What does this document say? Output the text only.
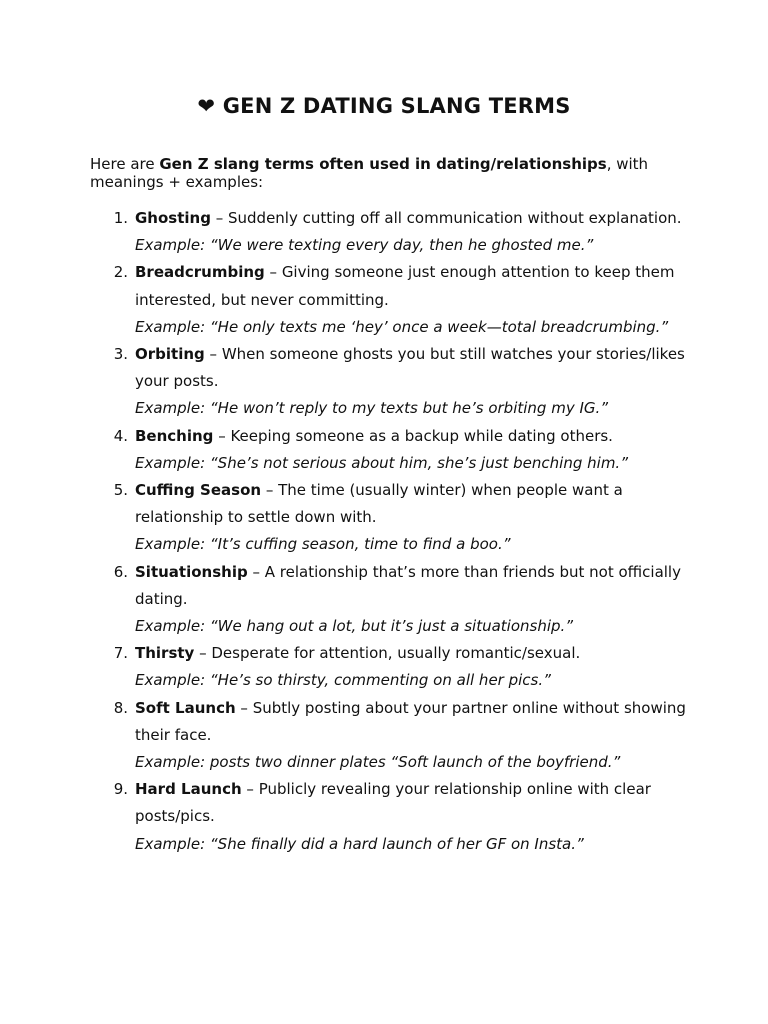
❤ GEN Z DATING SLANG TERMS

Here are Gen Z slang terms often used in dating/relationships, with meanings + examples:

1. Ghosting – Suddenly cutting off all communication without explanation.
Example: “We were texting every day, then he ghosted me.”
2. Breadcrumbing – Giving someone just enough attention to keep them interested, but never committing.
Example: “He only texts me ‘hey’ once a week—total breadcrumbing.”
3. Orbiting – When someone ghosts you but still watches your stories/likes your posts.
Example: “He won’t reply to my texts but he’s orbiting my IG.”
4. Benching – Keeping someone as a backup while dating others.
Example: “She’s not serious about him, she’s just benching him.”
5. Cuffing Season – The time (usually winter) when people want a relationship to settle down with.
Example: “It’s cuffing season, time to find a boo.”
6. Situationship – A relationship that’s more than friends but not officially dating.
Example: “We hang out a lot, but it’s just a situationship.”
7. Thirsty – Desperate for attention, usually romantic/sexual.
Example: “He’s so thirsty, commenting on all her pics.”
8. Soft Launch – Subtly posting about your partner online without showing their face.
Example: posts two dinner plates “Soft launch of the boyfriend.”
9. Hard Launch – Publicly revealing your relationship online with clear posts/pics.
Example: “She finally did a hard launch of her GF on Insta.”
